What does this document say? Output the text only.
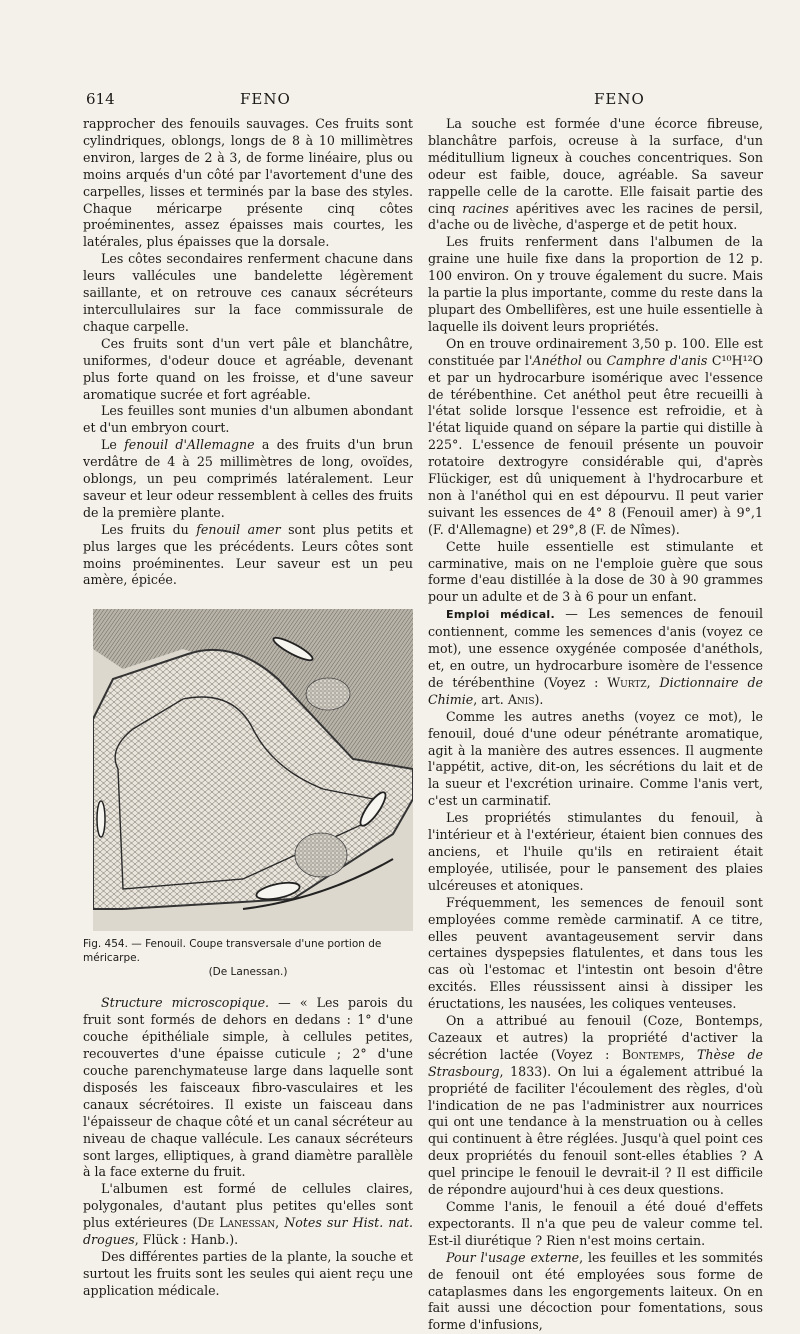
614	FENO	FENO

rapprocher des fenouils sauvages. Ces fruits sont cylindriques, oblongs, longs de 8 à 10 millimètres environ, larges de 2 à 3, de forme linéaire, plus ou moins arqués d'un côté par l'avortement d'une des carpelles, lisses et terminés par la base des styles. Chaque méricarpe présente cinq côtes proéminentes, assez épaisses mais courtes, les latérales, plus épaisses que la dorsale.

Les côtes secondaires renferment chacune dans leurs vallécules une bandelette légèrement saillante, et on retrouve ces canaux sécréteurs intercullulaires sur la face commissurale de chaque carpelle.

Ces fruits sont d'un vert pâle et blanchâtre, uniformes, d'odeur douce et agréable, devenant plus forte quand on les froisse, et d'une saveur aromatique sucrée et fort agréable.

Les feuilles sont munies d'un albumen abondant et d'un embryon court.

Le fenouil d'Allemagne a des fruits d'un brun verdâtre de 4 à 25 millimètres de long, ovoïdes, oblongs, un peu comprimés latéralement. Leur saveur et leur odeur ressemblent à celles des fruits de la première plante.

Les fruits du fenouil amer sont plus petits et plus larges que les précédents. Leurs côtes sont moins proéminentes. Leur saveur est un peu amère, épicée.

Fig. 454. — Fenouil. Coupe transversale d'une portion de méricarpe.
(De Lanessan.)

Structure microscopique. — « Les parois du fruit sont formés de dehors en dedans : 1° d'une couche épithéliale simple, à cellules petites, recouvertes d'une épaisse cuticule ; 2° d'une couche parenchymateuse large dans laquelle sont disposés les faisceaux fibro-vasculaires et les canaux sécrétoires. Il existe un faisceau dans l'épaisseur de chaque côté et un canal sécréteur au niveau de chaque vallécule. Les canaux sécréteurs sont larges, elliptiques, à grand diamètre parallèle à la face externe du fruit.

L'albumen est formé de cellules claires, polygonales, d'autant plus petites qu'elles sont plus extérieures (De Lanessan, Notes sur Hist. nat. drogues, Flück : Hanb.).

Des différentes parties de la plante, la souche et surtout les fruits sont les seules qui aient reçu une application médicale.

La souche est formée d'une écorce fibreuse, blanchâtre parfois, ocreuse à la surface, d'un méditullium ligneux à couches concentriques. Son odeur est faible, douce, agréable. Sa saveur rappelle celle de la carotte. Elle faisait partie des cinq racines apéritives avec les racines de persil, d'ache ou de livèche, d'asperge et de petit houx.

Les fruits renferment dans l'albumen de la graine une huile fixe dans la proportion de 12 p. 100 environ. On y trouve également du sucre. Mais la partie la plus importante, comme du reste dans la plupart des Ombellifères, est une huile essentielle à laquelle ils doivent leurs propriétés.

On en trouve ordinairement 3,50 p. 100. Elle est constituée par l'Anéthol ou Camphre d'anis C¹⁰H¹²O et par un hydrocarbure isomérique avec l'essence de térébenthine. Cet anéthol peut être recueilli à l'état solide lorsque l'essence est refroidie, et à l'état liquide quand on sépare la partie qui distille à 225°. L'essence de fenouil présente un pouvoir rotatoire dextrogyre considérable qui, d'après Flückiger, est dû uniquement à l'hydrocarbure et non à l'anéthol qui en est dépourvu. Il peut varier suivant les essences de 4° 8 (Fenouil amer) à 9°,1 (F. d'Allemagne) et 29°,8 (F. de Nîmes).

Cette huile essentielle est stimulante et carminative, mais on ne l'emploie guère que sous forme d'eau distillée à la dose de 30 à 90 grammes pour un adulte et de 3 à 6 pour un enfant.

Emploi médical. — Les semences de fenouil contiennent, comme les semences d'anis (voyez ce mot), une essence oxygénée composée d'anéthols, et, en outre, un hydrocarbure isomère de l'essence de térébenthine (Voyez : Wurtz, Dictionnaire de Chimie, art. Anis).

Comme les autres aneths (voyez ce mot), le fenouil, doué d'une odeur pénétrante aromatique, agit à la manière des autres essences. Il augmente l'appétit, active, dit-on, les sécrétions du lait et de la sueur et l'excrétion urinaire. Comme l'anis vert, c'est un carminatif.

Les propriétés stimulantes du fenouil, à l'intérieur et à l'extérieur, étaient bien connues des anciens, et l'huile qu'ils en retiraient était employée, utilisée, pour le pansement des plaies ulcéreuses et atoniques.

Fréquemment, les semences de fenouil sont employées comme remède carminatif. A ce titre, elles peuvent avantageusement servir dans certaines dyspepsies flatulentes, et dans tous les cas où l'estomac et l'intestin ont besoin d'être excités. Elles réussissent ainsi à dissiper les éructations, les nausées, les coliques venteuses.

On a attribué au fenouil (Coze, Bontemps, Cazeaux et autres) la propriété d'activer la sécrétion lactée (Voyez : Bontemps, Thèse de Strasbourg, 1833). On lui a également attribué la propriété de faciliter l'écoulement des règles, d'où l'indication de ne pas l'administrer aux nourrices qui ont une tendance à la menstruation ou à celles qui continuent à être réglées. Jusqu'à quel point ces deux propriétés du fenouil sont-elles établies ? A quel principe le fenouil le devrait-il ? Il est difficile de répondre aujourd'hui à ces deux questions.

Comme l'anis, le fenouil a été doué d'effets expectorants. Il n'a que peu de valeur comme tel. Est-il diurétique ? Rien n'est moins certain.

Pour l'usage externe, les feuilles et les sommités de fenouil ont été employées sous forme de cataplasmes dans les engorgements laiteux. On en fait aussi une décoction pour fomentations, sous forme d'infusions,
